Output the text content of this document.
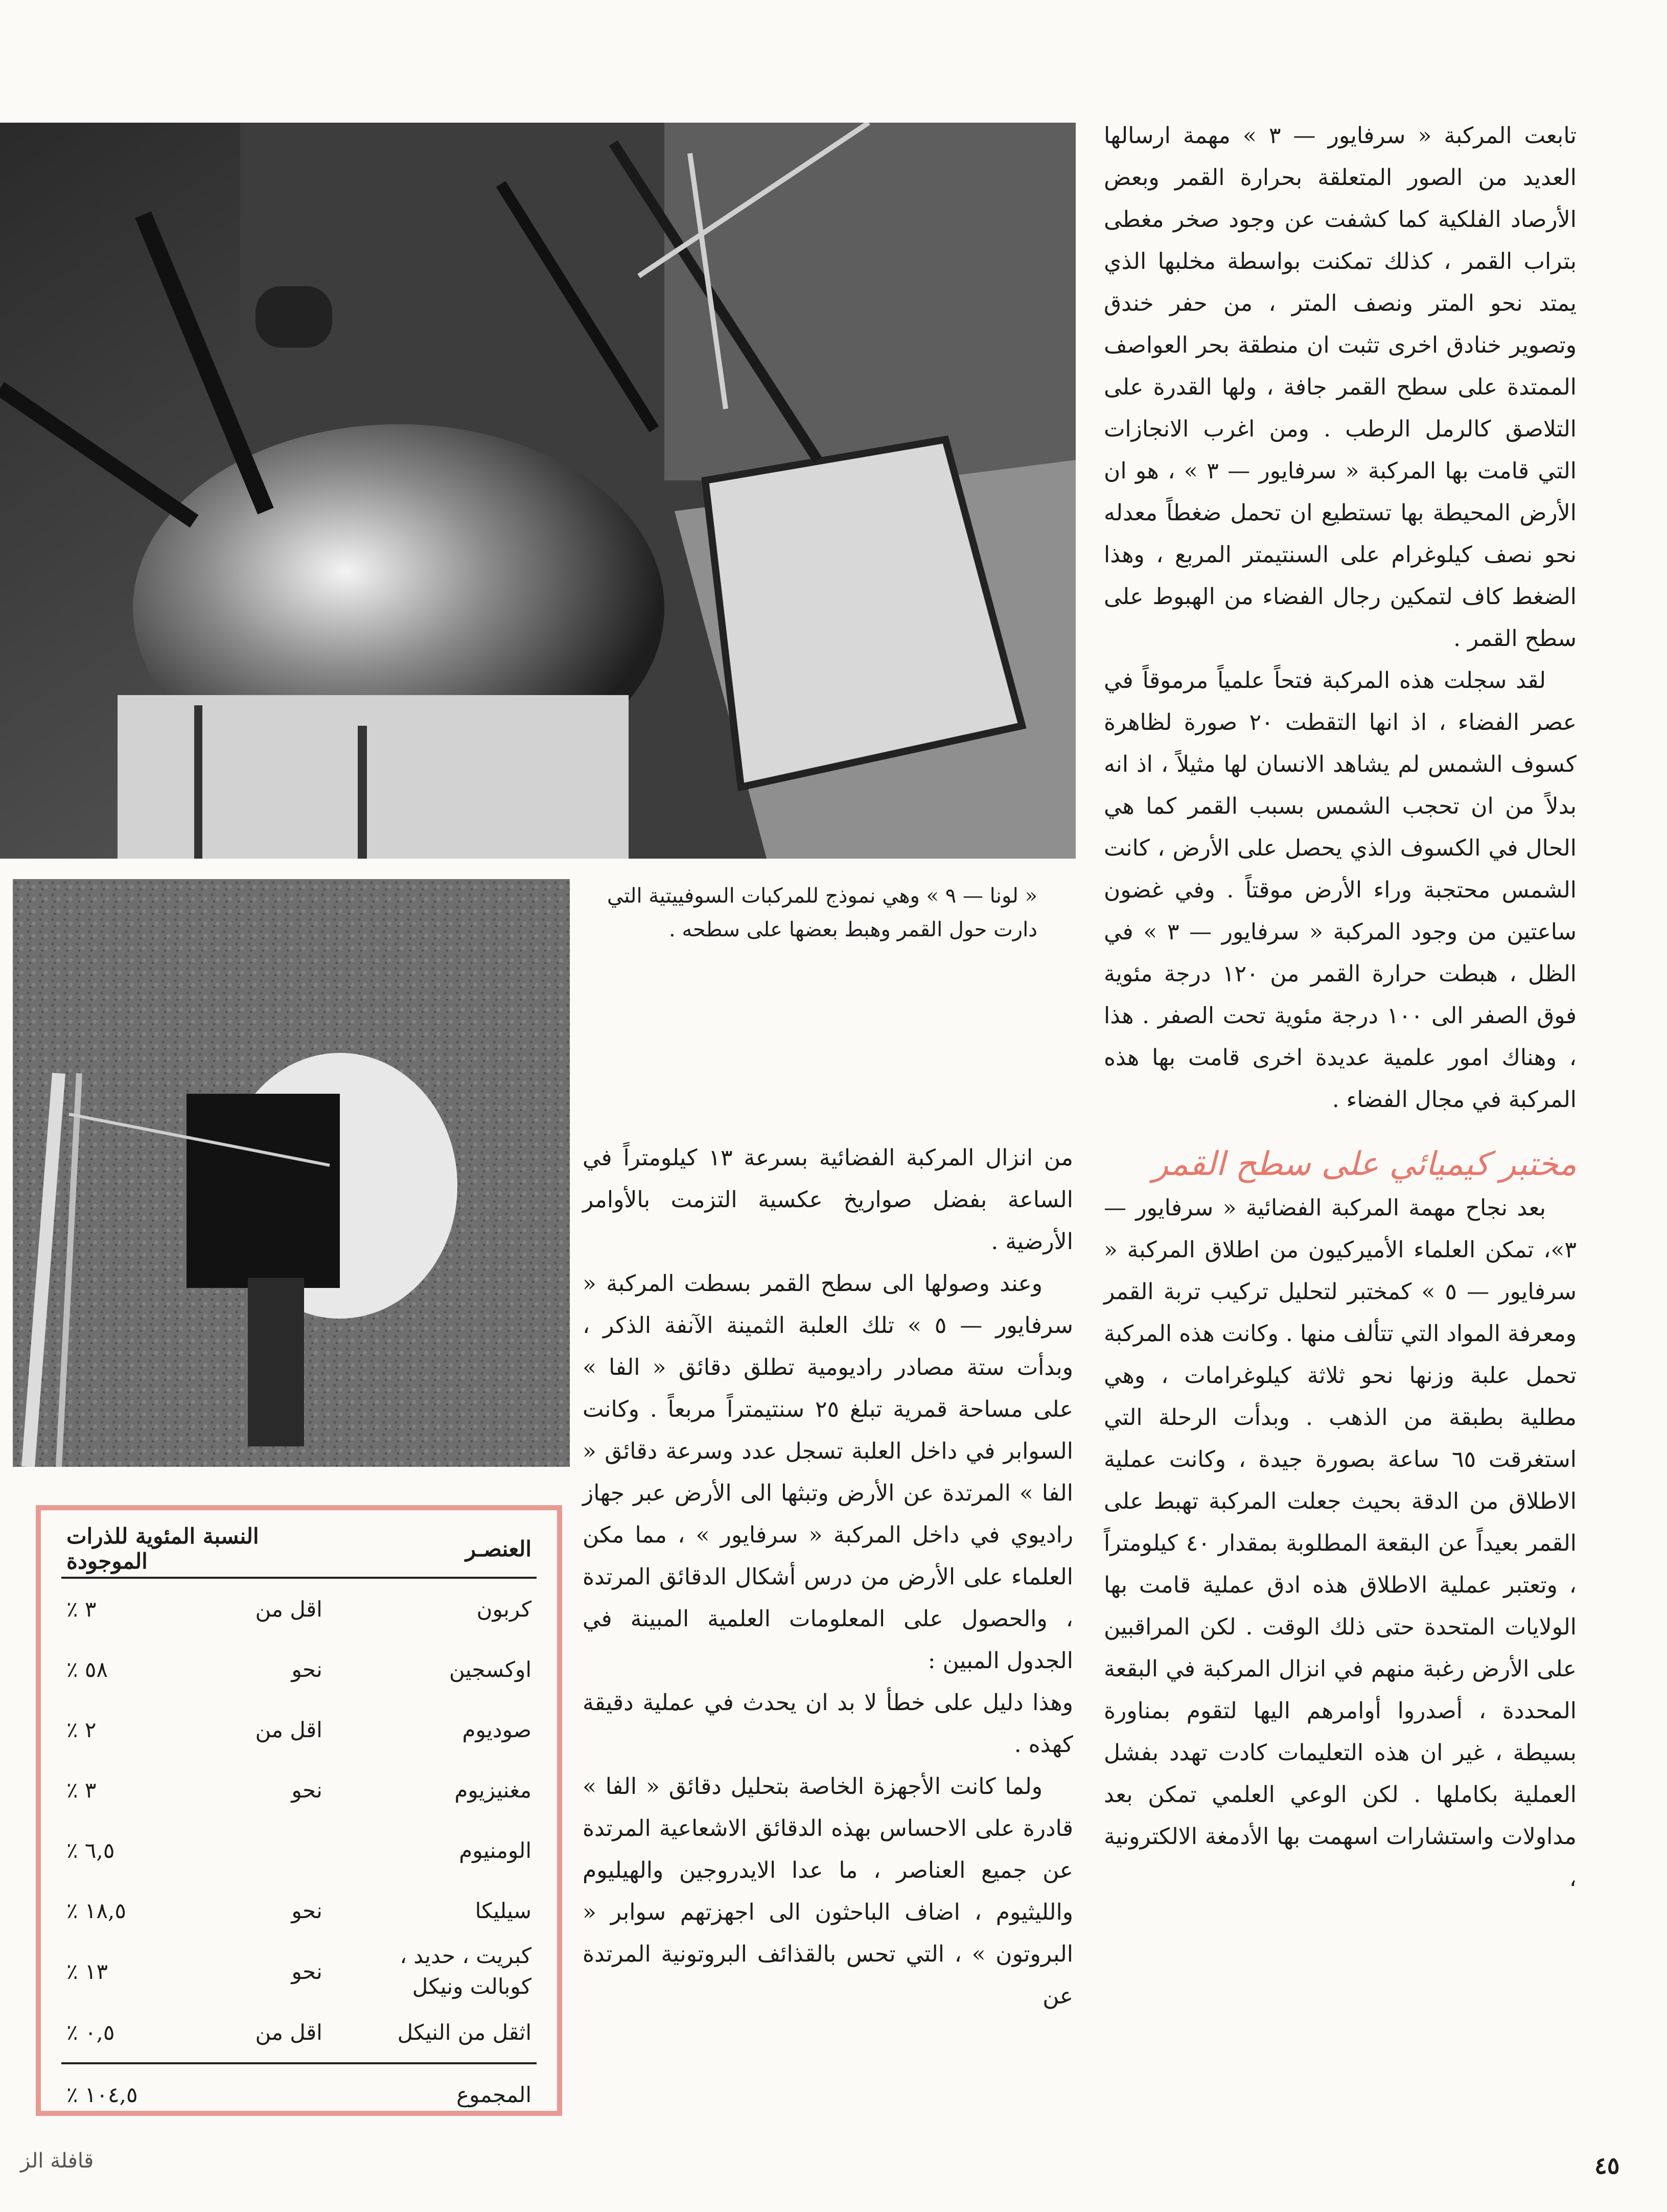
« لونا — ٩ » وهي نموذج للمركبات السوفييتية التي دارت حول القمر وهبط بعضها على سطحه .

تابعت المركبة « سرفايور — ٣ » مهمة ارسالها العديد من الصور المتعلقة بحرارة القمر وبعض الأرصاد الفلكية كما كشفت عن وجود صخر مغطى بتراب القمر ، كذلك تمكنت بواسطة مخلبها الذي يمتد نحو المتر ونصف المتر ، من حفر خندق وتصوير خنادق اخرى تثبت ان منطقة بحر العواصف الممتدة على سطح القمر جافة ، ولها القدرة على التلاصق كالرمل الرطب . ومن اغرب الانجازات التي قامت بها المركبة « سرفايور — ٣ » ، هو ان الأرض المحيطة بها تستطيع ان تحمل ضغطاً معدله نحو نصف كيلوغرام على السنتيمتر المربع ، وهذا الضغط كاف لتمكين رجال الفضاء من الهبوط على سطح القمر .

لقد سجلت هذه المركبة فتحاً علمياً مرموقاً في عصر الفضاء ، اذ انها التقطت ٢٠ صورة لظاهرة كسوف الشمس لم يشاهد الانسان لها مثيلاً ، اذ انه بدلاً من ان تحجب الشمس بسبب القمر كما هي الحال في الكسوف الذي يحصل على الأرض ، كانت الشمس محتجبة وراء الأرض موقتاً . وفي غضون ساعتين من وجود المركبة « سرفايور — ٣ » في الظل ، هبطت حرارة القمر من ١٢٠ درجة مئوية فوق الصفر الى ١٠٠ درجة مئوية تحت الصفر . هذا ، وهناك امور علمية عديدة اخرى قامت بها هذه المركبة في مجال الفضاء .

مختبر كيميائي على سطح القمر

بعد نجاح مهمة المركبة الفضائية « سرفايور —٣»، تمكن العلماء الأميركيون من اطلاق المركبة « سرفايور — ٥ » كمختبر لتحليل تركيب تربة القمر ومعرفة المواد التي تتألف منها . وكانت هذه المركبة تحمل علبة وزنها نحو ثلاثة كيلوغرامات ، وهي مطلية بطبقة من الذهب . وبدأت الرحلة التي استغرقت ٦٥ ساعة بصورة جيدة ، وكانت عملية الاطلاق من الدقة بحيث جعلت المركبة تهبط على القمر بعيداً عن البقعة المطلوبة بمقدار ٤٠ كيلومتراً ، وتعتبر عملية الاطلاق هذه ادق عملية قامت بها الولايات المتحدة حتى ذلك الوقت . لكن المراقبين على الأرض رغبة منهم في انزال المركبة في البقعة المحددة ، أصدروا أوامرهم اليها لتقوم بمناورة بسيطة ، غير ان هذه التعليمات كادت تهدد بفشل العملية بكاملها . لكن الوعي العلمي تمكن بعد مداولات واستشارات اسهمت بها الأدمغة الالكترونية ،

من انزال المركبة الفضائية بسرعة ١٣ كيلومتراً في الساعة بفضل صواريخ عكسية التزمت بالأوامر الأرضية .

وعند وصولها الى سطح القمر بسطت المركبة « سرفايور — ٥ » تلك العلبة الثمينة الآنفة الذكر ، وبدأت ستة مصادر راديومية تطلق دقائق « الفا » على مساحة قمرية تبلغ ٢٥ سنتيمتراً مربعاً . وكانت السوابر في داخل العلبة تسجل عدد وسرعة دقائق « الفا » المرتدة عن الأرض وتبثها الى الأرض عبر جهاز راديوي في داخل المركبة « سرفايور » ، مما مكن العلماء على الأرض من درس أشكال الدقائق المرتدة ، والحصول على المعلومات العلمية المبينة في الجدول المبين :

وهذا دليل على خطأ لا بد ان يحدث في عملية دقيقة كهذه .

ولما كانت الأجهزة الخاصة بتحليل دقائق « الفا » قادرة على الاحساس بهذه الدقائق الاشعاعية المرتدة عن جميع العناصر ، ما عدا الايدروجين والهيليوم والليثيوم ، اضاف الباحثون الى اجهزتهم سوابر « البروتون » ، التي تحس بالقذائف البروتونية المرتدة عن

العنصـر	النسبة المئوية للذرات الموجودة	
كربون	اقل من	٣ ٪
اوكسجين	نحو	٥٨ ٪
صوديوم	اقل من	٢ ٪
مغنيزيوم	نحو	٣ ٪
الومنيوم		٦,٥ ٪
سيليكا	نحو	١٨,٥ ٪
كبريت ، حديد ، كوبالت ونيكل	نحو	١٣ ٪
اثقل من النيكل	اقل من	٠,٥ ٪
المجموع		١٠٤,٥ ٪
٤٥
قافلة الز
